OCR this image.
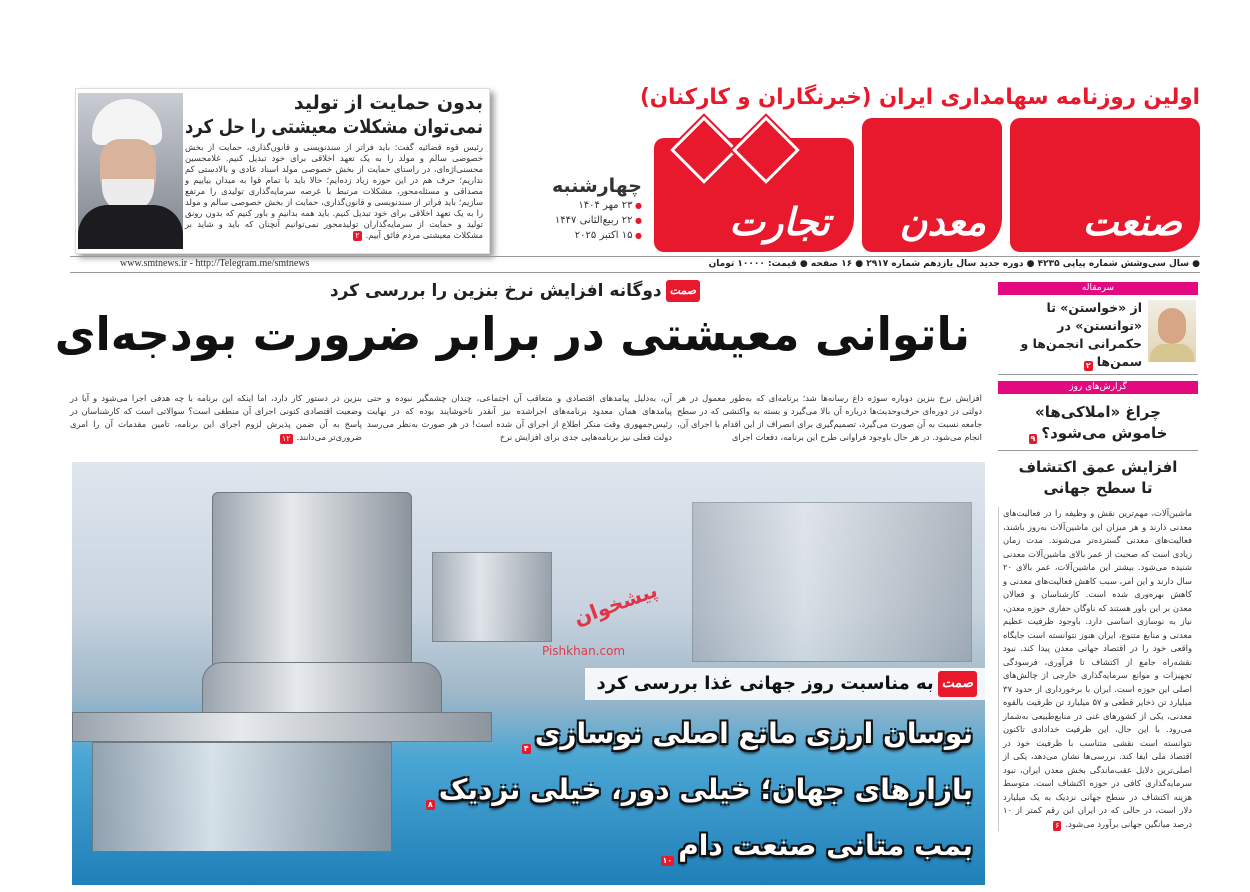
اولین روزنامه سهامداری ایران (خبرنگاران و کارکنان)
صنعت
معدن
تجارت
چهارشنبه
● ۲۳ مهر ۱۴۰۴
● ۲۲ ربیع‌الثانی ۱۴۴۷
● ۱۵ اکتبر ۲۰۲۵
بدون حمایت از تولید
نمی‌توان مشکلات معیشتی را حل کرد
رئیس قوه قضائیه گفت: باید فراتر از سندنویسی و قانون‌گذاری، حمایت از بخش خصوصی سالم و مولد را به یک تعهد اخلاقی برای خود تبدیل کنیم. غلامحسین محسنی‌اژه‌ای، در راستای حمایت از بخش خصوصی مولد اسناد عادی و بالادستی کم نداریم؛ حرف هم در این حوزه زیاد زده‌ایم؛ حالا باید با تمام قوا به میدان بیاییم و مصداقی و مسئله‌محور، مشکلات مرتبط با عرصه سرمایه‌گذاری تولیدی را مرتفع سازیم؛ باید فراتر از سندنویسی و قانون‌گذاری، حمایت از بخش خصوصی سالم و مولد را به یک تعهد اخلاقی برای خود تبدیل کنیم. باید همه بدانیم و باور کنیم که بدون رونق تولید و حمایت از سرمایه‌گذاران تولیدمحور نمی‌توانیم آنچنان که باید و شاید بر مشکلات معیشتی مردم فائق آییم.۲
www.smtnews.ir - http://Telegram.me/smtnews	● سال سی‌وشش شماره پیاپی ۴۲۳۵ ● دوره جدید سال یازدهم شماره ۲۹۱۷ ● ۱۶ صفحه ● قیمت: ۱۰۰۰۰ تومان
صمتدوگانه افزایش نرخ بنزین را بررسی کرد
ناتوانی معیشتی در برابر ضرورت بودجه‌ای
افزایش نرخ بنزین دوباره سوژه داغ رسانه‌ها شد؛ برنامه‌ای که به‌طور معمول در هر دولتی در دوره‌ای حرف‌وحدیث‌ها درباره آن بالا می‌گیرد و بسته به واکنشی که در سطح جامعه نسبت به آن صورت می‌گیرد، تصمیم‌گیری برای انصراف از این اقدام یا اجرای آن، انجام می‌شود. در هر حال باوجود فراوانی طرح این برنامه، دفعات اجرای
آن، به‌دلیل پیامدهای اقتصادی و متعاقب آن اجتماعی، چندان چشمگیر نبوده و حتی پیامدهای همان معدود برنامه‌های اجراشده نیز آنقدر ناخوشایند بوده که در نهایت رئیس‌جمهوری وقت منکر اطلاع از اجرای آن شده است! در هر صورت به‌نظر می‌رسد دولت فعلی نیز برنامه‌هایی جدی برای افزایش نرخ
بنزین در دستور کار دارد، اما اینکه این برنامه با چه هدفی اجرا می‌شود و آیا در وضعیت اقتصادی کنونی اجرای آن منطقی است؟ سوالاتی است که کارشناسان در پاسخ به آن ضمن پذیرش لزوم اجرای این برنامه، تامین مقدمات آن را امری ضروری‌تر می‌دانند.۱۲
پیشخوان
Pishkhan.com
صمتبه مناسبت روز جهانی غذا بررسی کرد
نوسان ارزی مانع اصلی نوسازی۴
بازارهای جهان؛ خیلی دور، خیلی نزدیک۸
بمب متانی صنعت دام۱۰
سرمقاله
از «خواستن» تا «توانستن» در حکمرانی انجمن‌ها و سمن‌ها۲
گزارش‌های روز
چراغ «املاکی‌ها» خاموش می‌شود؟۹
افزایش عمق اکتشاف تا سطح جهانی
ماشین‌آلات، مهم‌ترین نقش و وظیفه را در فعالیت‌های معدنی دارند و هر میزان این ماشین‌آلات به‌روز باشند، فعالیت‌های معدنی گسترده‌تر می‌شوند. مدت زمان زیادی است که صحبت از عمر بالای ماشین‌آلات معدنی شنیده می‌شود. بیشتر این ماشین‌آلات، عمر بالای ۲۰ سال دارند و این امر، سبب کاهش فعالیت‌های معدنی و کاهش بهره‌وری شده است. کارشناسان و فعالان معدن بر این باور هستند که ناوگان حفاری حوزه معدن، نیاز به نوسازی اساسی دارد. باوجود ظرفیت عظیم معدنی و منابع متنوع، ایران هنوز نتوانسته است جایگاه واقعی خود را در اقتصاد جهانی معدن پیدا کند. نبود نقشه‌راه جامع از اکتشاف تا فرآوری، فرسودگی تجهیزات و موانع سرمایه‌گذاری خارجی از چالش‌های اصلی این حوزه است. ایران با برخورداری از حدود ۳۷ میلیارد تن ذخایر قطعی و ۵۷ میلیارد تن ظرفیت بالقوه معدنی، یکی از کشورهای غنی در منابع‌طبیعی به‌شمار می‌رود. با این حال، این ظرفیت خدادادی تاکنون نتوانسته است نقشی متناسب با ظرفیت خود در اقتصاد ملی ایفا کند. بررسی‌ها نشان می‌دهد، یکی از اصلی‌ترین دلایل عقب‌ماندگی بخش معدن ایران، نبود سرمایه‌گذاری کافی در حوزه اکتشاف است. متوسط هزینه اکتشاف در سطح جهانی نزدیک به یک میلیارد دلار است، در حالی که در ایران این رقم کمتر از ۱۰ درصد میانگین جهانی برآورد می‌شود.۶
